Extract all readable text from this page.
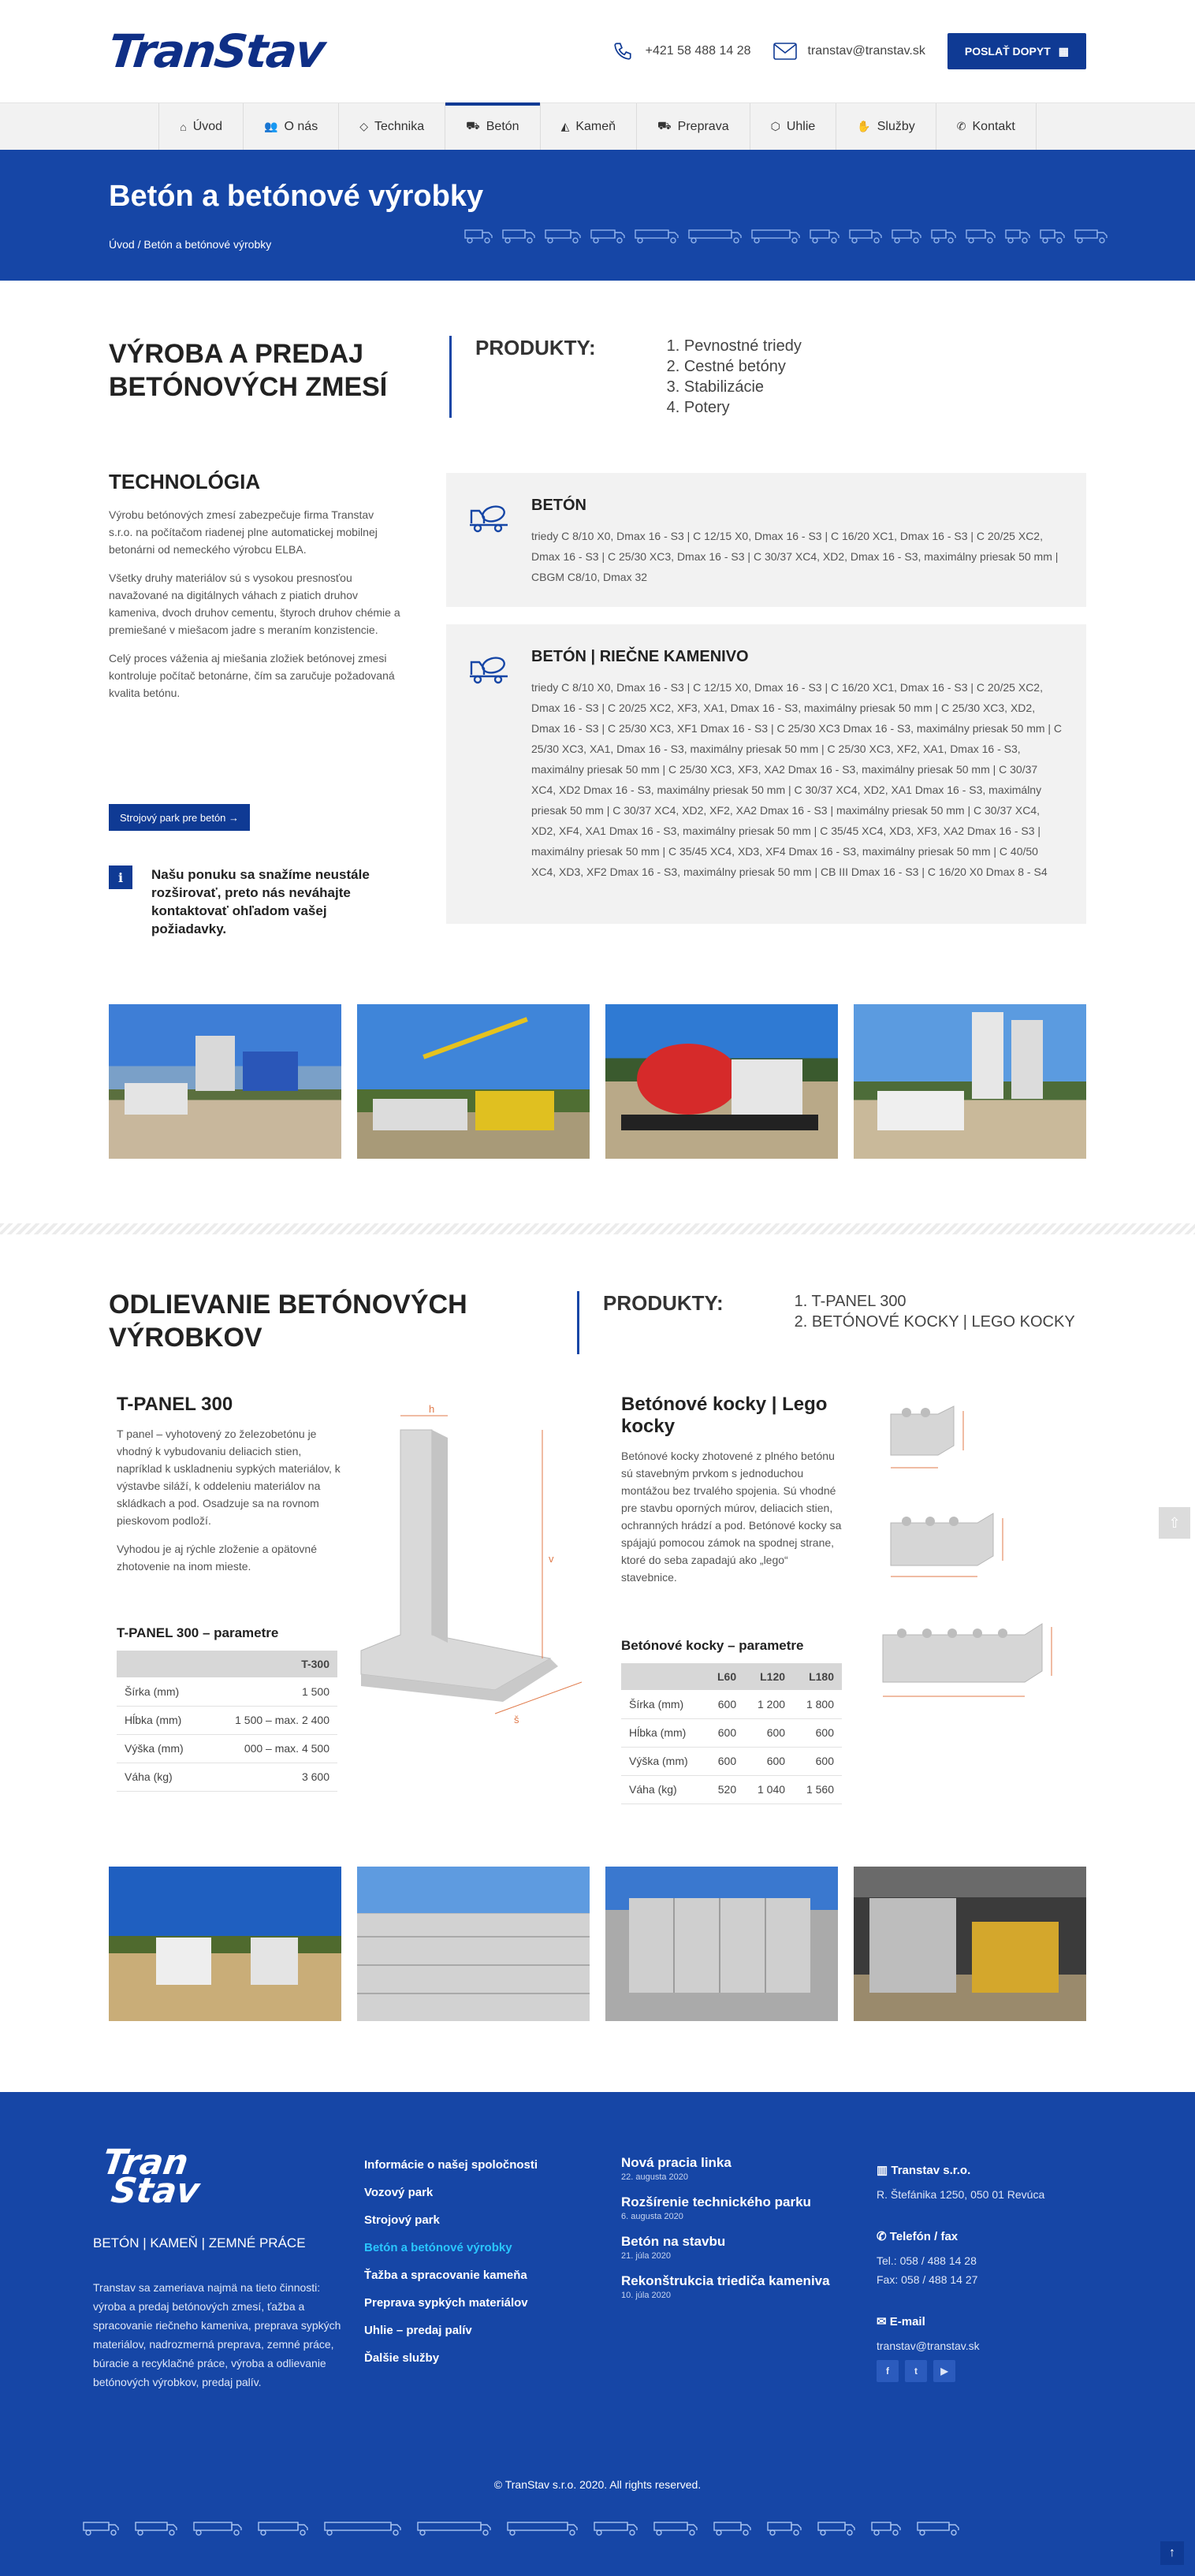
TranStav	+421 58 488 14 28	transtav@transtav.sk	POSLAŤ DOPYT ▦
⌂ Úvod	👥 O nás	◇ Technika	⛟ Betón	◭ Kameň	⛟ Preprava	⬡ Uhlie	✋ Služby	✆ Kontakt
Betón a betónové výrobky
Úvod / Betón a betónové výrobky
VÝROBA A PREDAJ BETÓNOVÝCH ZMESÍ
PRODUKTY:	1. Pevnostné triedy
2. Cestné betóny
3. Stabilizácie
4. Potery
TECHNOLÓGIA

Výrobu betónových zmesí zabezpečuje firma Transtav s.r.o. na počítačom riadenej plne automatickej mobilnej betonárni od nemeckého výrobcu ELBA.

Všetky druhy materiálov sú s vysokou presnosťou navažované na digitálnych váhach z piatich druhov kameniva, dvoch druhov cementu, štyroch druhov chémie a premiešané v miešacom jadre s meraním konzistencie.

Celý proces váženia aj miešania zložiek betónovej zmesi kontroluje počítač betonárne, čím sa zaručuje požadovaná kvalita betónu.

Strojový park pre betón →
i	Našu ponuku sa snažíme neustále rozširovať, preto nás neváhajte kontaktovať ohľadom vašej požiadavky.
BETÓN

triedy C 8/10 X0, Dmax 16 - S3 | C 12/15 X0, Dmax 16 - S3 | C 16/20 XC1, Dmax 16 - S3 | C 20/25 XC2, Dmax 16 - S3 | C 25/30 XC3, Dmax 16 - S3 | C 30/37 XC4, XD2, Dmax 16 - S3, maximálny priesak 50 mm | CBGM C8/10, Dmax 32

BETÓN | RIEČNE KAMENIVO

triedy C 8/10 X0, Dmax 16 - S3 | C 12/15 X0, Dmax 16 - S3 | C 16/20 XC1, Dmax 16 - S3 | C 20/25 XC2, Dmax 16 - S3 | C 20/25 XC2, XF3, XA1, Dmax 16 - S3, maximálny priesak 50 mm | C 25/30 XC3, XD2, Dmax 16 - S3 | C 25/30 XC3, XF1 Dmax 16 - S3 | C 25/30 XC3 Dmax 16 - S3, maximálny priesak 50 mm | C 25/30 XC3, XA1, Dmax 16 - S3, maximálny priesak 50 mm | C 25/30 XC3, XF2, XA1, Dmax 16 - S3, maximálny priesak 50 mm | C 25/30 XC3, XF3, XA2 Dmax 16 - S3, maximálny priesak 50 mm | C 30/37 XC4, XD2 Dmax 16 - S3, maximálny priesak 50 mm | C 30/37 XC4, XD2, XA1 Dmax 16 - S3, maximálny priesak 50 mm | C 30/37 XC4, XD2, XF2, XA2 Dmax 16 - S3 | maximálny priesak 50 mm | C 30/37 XC4, XD2, XF4, XA1 Dmax 16 - S3, maximálny priesak 50 mm | C 35/45 XC4, XD3, XF3, XA2 Dmax 16 - S3 | maximálny priesak 50 mm | C 35/45 XC4, XD3, XF4 Dmax 16 - S3, maximálny priesak 50 mm | C 40/50 XC4, XD3, XF2 Dmax 16 - S3, maximálny priesak 50 mm | CB III Dmax 16 - S3 | C 16/20 X0 Dmax 8 - S4

ODLIEVANIE BETÓNOVÝCH VÝROBKOV
PRODUKTY:	1. T-PANEL 300
2. BETÓNOVÉ KOCKY | LEGO KOCKY
T-PANEL 300

T panel – vyhotovený zo železobetónu je vhodný k vybudovaniu deliacich stien, napríklad k uskladneniu sypkých materiálov, k výstavbe siláží, k oddeleniu materiálov na skládkach a pod. Osadzuje sa na rovnom pieskovom podloží.

Vyhodou je aj rýchle zloženie a opätovné zhotovenie na inom mieste.

T-PANEL 300 – parametre
	T-300
Šírka (mm)	1 500
Hĺbka (mm)	1 500 – max. 2 400
Výška (mm)	000 – max. 4 500
Váha (kg)	3 600
h
v
š
Betónové kocky | Lego kocky
Betónové kocky zhotovené z plného betónu sú stavebným prvkom s jednoduchou montážou bez trvalého spojenia. Sú vhodné pre stavbu oporných múrov, deliacich stien, ochranných hrádzí a pod. Betónové kocky sa spájajú pomocou zámok na spodnej strane, ktoré do seba zapadajú ako „lego“ stavebnice.
Betónové kocky – parametre
	L60	L120	L180
Šírka (mm)	600	1 200	1 800
Hĺbka (mm)	600	600	600
Výška (mm)	600	600	600
Váha (kg)	520	1 040	1 560
⇧
Tran
Stav
BETÓN | KAMEŇ | ZEMNÉ PRÁCE
Transtav sa zameriava najmä na tieto činnosti: výroba a predaj betónových zmesí, ťažba a spracovanie riečneho kameniva, preprava sypkých materiálov, nadrozmerná preprava, zemné práce, búracie a recyklačné práce, výroba a odlievanie betónových výrobkov, predaj palív.
Informácie o našej spoločnosti
Vozový park
Strojový park
Betón a betónové výrobky
Ťažba a spracovanie kameňa
Preprava sypkých materiálov
Uhlie – predaj palív
Ďalšie služby
Nová pracia linka
22. augusta 2020
Rozšírenie technického parku
6. augusta 2020
Betón na stavbu
21. júla 2020
Rekonštrukcia triedičа kameniva
10. júla 2020
▥ Transtav s.r.o.
R. Štefánika 1250, 050 01 Revúca
✆ Telefón / fax
Tel.: 058 / 488 14 28
Fax: 058 / 488 14 27
✉ E-mail
transtav@transtav.sk
f	t	▶
© TranStav s.r.o. 2020. All rights reserved.
↑
